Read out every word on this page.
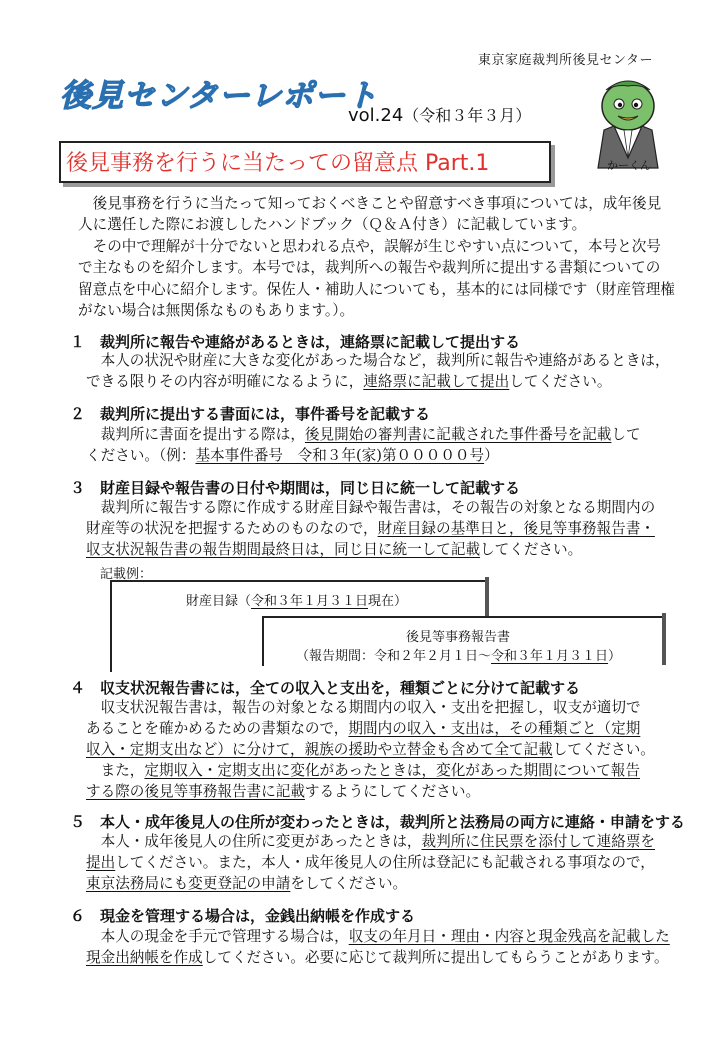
東京家庭裁判所後見センター
後見センターレポート
vol.24（令和３年３月）
後見事務を行うに当たっての留意点 Part.1	かーくん
　後見事務を行うに当たって知っておくべきことや留意すべき事項については，成年後見
人に選任した際にお渡ししたハンドブック（Ｑ＆Ａ付き）に記載しています。
　その中で理解が十分でないと思われる点や，誤解が生じやすい点について，本号と次号
で主なものを紹介します。本号では，裁判所への報告や裁判所に提出する書類についての
留意点を中心に紹介します。保佐人・補助人についても，基本的には同様です（財産管理権
がない場合は無関係なものもあります。）。
１　裁判所に報告や連絡があるときは，連絡票に記載して提出する
　本人の状況や財産に大きな変化があった場合など，裁判所に報告や連絡があるときは，
できる限りその内容が明確になるように，連絡票に記載して提出してください。
２　裁判所に提出する書面には，事件番号を記載する
　裁判所に書面を提出する際は，後見開始の審判書に記載された事件番号を記載して
ください。（例：基本事件番号　令和３年(家)第０００００号）
３　財産目録や報告書の日付や期間は，同じ日に統一して記載する
　裁判所に報告する際に作成する財産目録や報告書は，その報告の対象となる期間内の
財産等の状況を把握するためのものなので，財産目録の基準日と，後見等事務報告書・
収支状況報告書の報告期間最終日は，同じ日に統一して記載してください。
記載例：
財産目録（令和３年１月３１日現在）
後見等事務報告書
（報告期間：令和２年２月１日～令和３年１月３１日）
４　収支状況報告書には，全ての収入と支出を，種類ごとに分けて記載する
　収支状況報告書は，報告の対象となる期間内の収入・支出を把握し，収支が適切で
あることを確かめるための書類なので，期間内の収入・支出は，その種類ごと（定期
収入・定期支出など）に分けて，親族の援助や立替金も含めて全て記載してください。
　また，定期収入・定期支出に変化があったときは，変化があった期間について報告
する際の後見等事務報告書に記載するようにしてください。
５　本人・成年後見人の住所が変わったときは，裁判所と法務局の両方に連絡・申請をする
　本人・成年後見人の住所に変更があったときは，裁判所に住民票を添付して連絡票を
提出してください。また，本人・成年後見人の住所は登記にも記載される事項なので，
東京法務局にも変更登記の申請をしてください。
６　現金を管理する場合は，金銭出納帳を作成する
　本人の現金を手元で管理する場合は，収支の年月日・理由・内容と現金残高を記載した
現金出納帳を作成してください。必要に応じて裁判所に提出してもらうことがあります。
